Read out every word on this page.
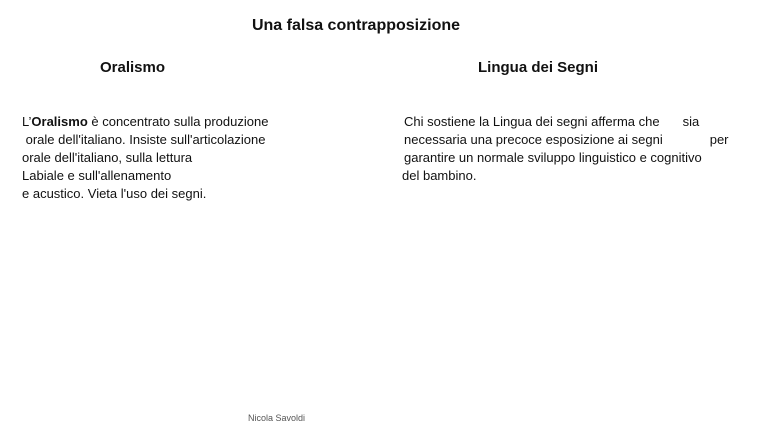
Una falsa contrapposizione
Oralismo	Lingua dei Segni
L’Oralismo è concentrato sulla produzione
orale dell'italiano. Insiste sull'articolazione
orale dell'italiano, sulla lettura
Labiale e sull'allenamento
e acustico. Vieta l'uso dei segni.
Chi sostiene la Lingua dei segni afferma che sia
necessaria una precoce esposizione ai segni	per
garantire un normale sviluppo linguistico e cognitivo
del bambino.
Nicola Savoldi
